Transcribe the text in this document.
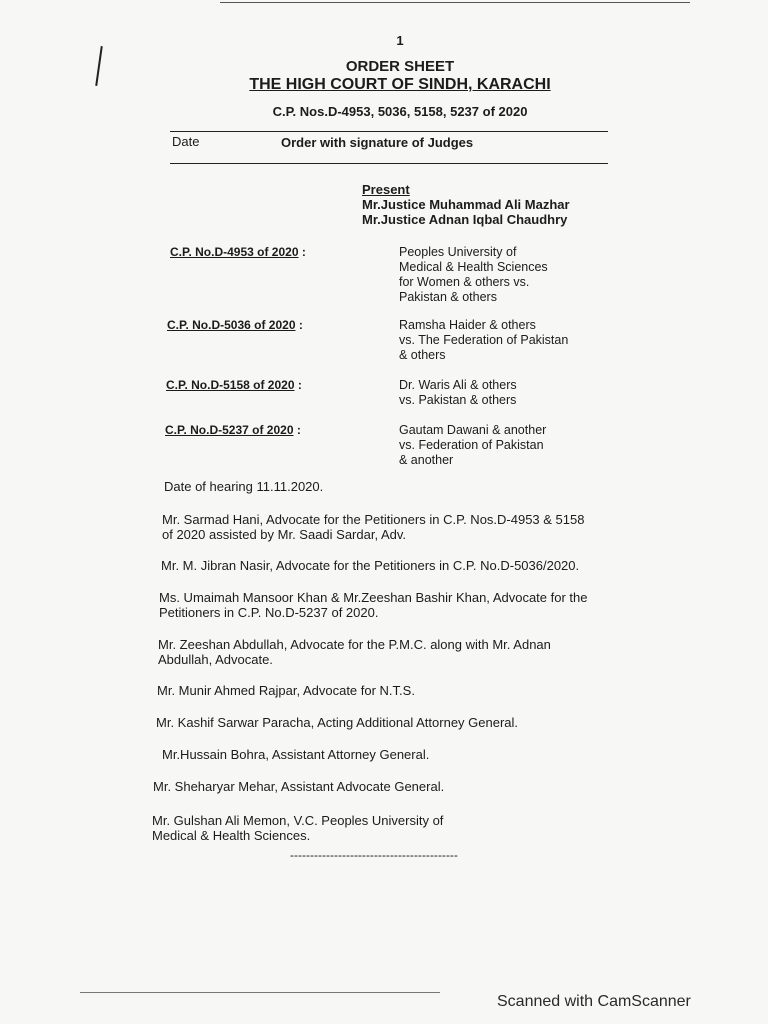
1
ORDER SHEET
THE HIGH COURT OF SINDH, KARACHI
C.P. Nos.D-4953, 5036, 5158, 5237 of 2020
Date	Order with signature of Judges
Present
Mr.Justice Muhammad Ali Mazhar
Mr.Justice Adnan Iqbal Chaudhry
C.P. No.D-4953 of 2020 :	Peoples University of
Medical & Health Sciences
for Women & others vs.
Pakistan & others
C.P. No.D-5036 of 2020 :	Ramsha Haider & others
vs. The Federation of Pakistan
& others
C.P. No.D-5158 of 2020 :	Dr. Waris Ali & others
vs. Pakistan & others
C.P. No.D-5237 of 2020 :	Gautam Dawani & another
vs. Federation of Pakistan
& another
Date of hearing 11.11.2020.
Mr. Sarmad Hani, Advocate for the Petitioners in C.P. Nos.D-4953 & 5158
of 2020 assisted by Mr. Saadi Sardar, Adv.
Mr. M. Jibran Nasir, Advocate for the Petitioners in C.P. No.D-5036/2020.
Ms. Umaimah Mansoor Khan & Mr.Zeeshan Bashir Khan, Advocate for the
Petitioners in C.P. No.D-5237 of 2020.
Mr. Zeeshan Abdullah, Advocate for the P.M.C. along with Mr. Adnan
Abdullah, Advocate.
Mr. Munir Ahmed Rajpar, Advocate for N.T.S.
Mr. Kashif Sarwar Paracha, Acting Additional Attorney General.
Mr.Hussain Bohra, Assistant Attorney General.
Mr. Sheharyar Mehar, Assistant Advocate General.
Mr. Gulshan Ali Memon, V.C. Peoples University of
Medical & Health Sciences.
------------------------------------------
Scanned with CamScanner
